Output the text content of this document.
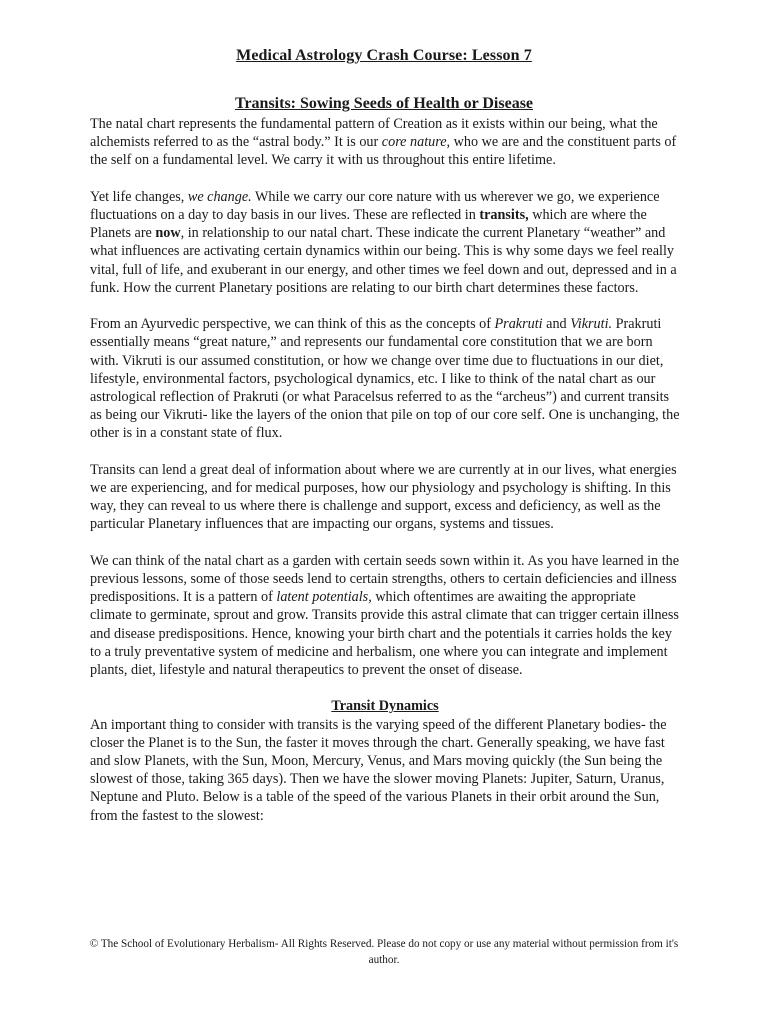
Medical Astrology Crash Course: Lesson 7
Transits: Sowing Seeds of Health or Disease

The natal chart represents the fundamental pattern of Creation as it exists within our being, what the alchemists referred to as the “astral body.” It is our core nature, who we are and the constituent parts of the self on a fundamental level. We carry it with us throughout this entire lifetime.

Yet life changes, we change. While we carry our core nature with us wherever we go, we experience fluctuations on a day to day basis in our lives. These are reflected in transits, which are where the Planets are now, in relationship to our natal chart. These indicate the current Planetary “weather” and what influences are activating certain dynamics within our being. This is why some days we feel really vital, full of life, and exuberant in our energy, and other times we feel down and out, depressed and in a funk. How the current Planetary positions are relating to our birth chart determines these factors.

From an Ayurvedic perspective, we can think of this as the concepts of Prakruti and Vikruti. Prakruti essentially means “great nature,” and represents our fundamental core constitution that we are born with. Vikruti is our assumed constitution, or how we change over time due to fluctuations in our diet, lifestyle, environmental factors, psychological dynamics, etc. I like to think of the natal chart as our astrological reflection of Prakruti (or what Paracelsus referred to as the “archeus”) and current transits as being our Vikruti- like the layers of the onion that pile on top of our core self. One is unchanging, the other is in a constant state of flux.

Transits can lend a great deal of information about where we are currently at in our lives, what energies we are experiencing, and for medical purposes, how our physiology and psychology is shifting. In this way, they can reveal to us where there is challenge and support, excess and deficiency, as well as the particular Planetary influences that are impacting our organs, systems and tissues.

We can think of the natal chart as a garden with certain seeds sown within it. As you have learned in the previous lessons, some of those seeds lend to certain strengths, others to certain deficiencies and illness predispositions. It is a pattern of latent potentials, which oftentimes are awaiting the appropriate climate to germinate, sprout and grow. Transits provide this astral climate that can trigger certain illness and disease predispositions. Hence, knowing your birth chart and the potentials it carries holds the key to a truly preventative system of medicine and herbalism, one where you can integrate and implement plants, diet, lifestyle and natural therapeutics to prevent the onset of disease.

Transit Dynamics

An important thing to consider with transits is the varying speed of the different Planetary bodies- the closer the Planet is to the Sun, the faster it moves through the chart. Generally speaking, we have fast and slow Planets, with the Sun, Moon, Mercury, Venus, and Mars moving quickly (the Sun being the slowest of those, taking 365 days). Then we have the slower moving Planets: Jupiter, Saturn, Uranus, Neptune and Pluto. Below is a table of the speed of the various Planets in their orbit around the Sun, from the fastest to the slowest:

© The School of Evolutionary Herbalism- All Rights Reserved. Please do not copy or use any material without permission from it's author.
